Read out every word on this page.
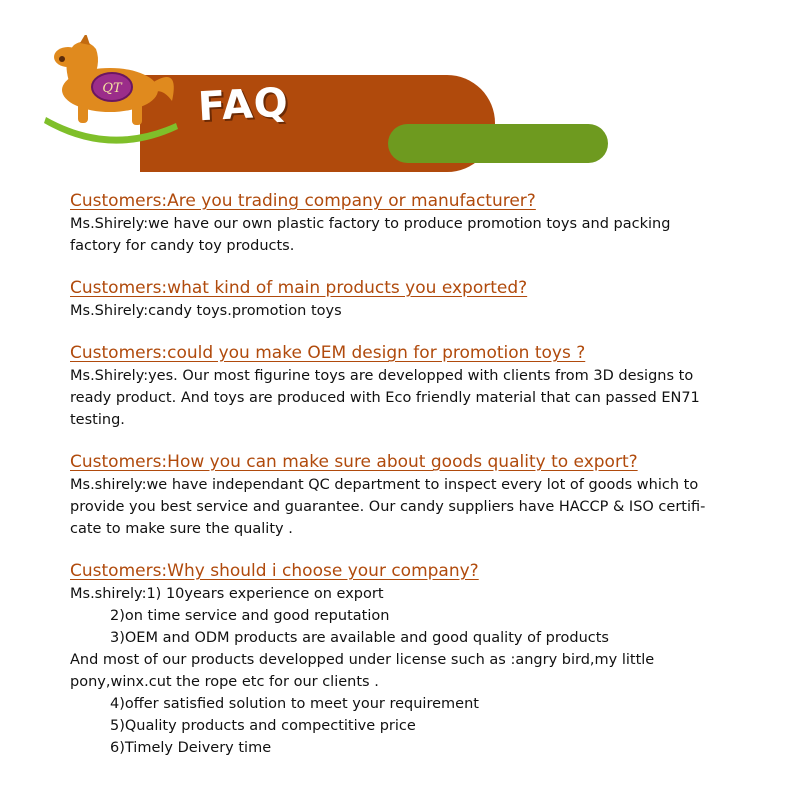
QT FAQ

Customers:Are you trading company or manufacturer?

Ms.Shirely:we have our own plastic factory to produce promotion toys and packing

factory for candy toy products.

Customers:what kind of main products you exported?

Ms.Shirely:candy toys.promotion toys

Customers:could you make OEM design for promotion toys ?

Ms.Shirely:yes. Our most figurine toys are developped with clients from 3D designs to

ready product. And toys are produced with Eco friendly material that can passed EN71

testing.

Customers:How you can make sure about goods quality to export?

Ms.shirely:we have independant QC department to inspect every lot of goods which to

provide you best service and guarantee. Our candy suppliers have HACCP & ISO certifi-

cate to make sure the quality .

Customers:Why should i choose your company?

Ms.shirely:1) 10years experience on export

2)on time service and good reputation

3)OEM and ODM products are available and good quality of products

And most of our products developped under license such as :angry bird,my little

pony,winx.cut the rope etc for our clients .

4)offer satisfied solution to meet your requirement

5)Quality products and compectitive price

6)Timely Deivery time
